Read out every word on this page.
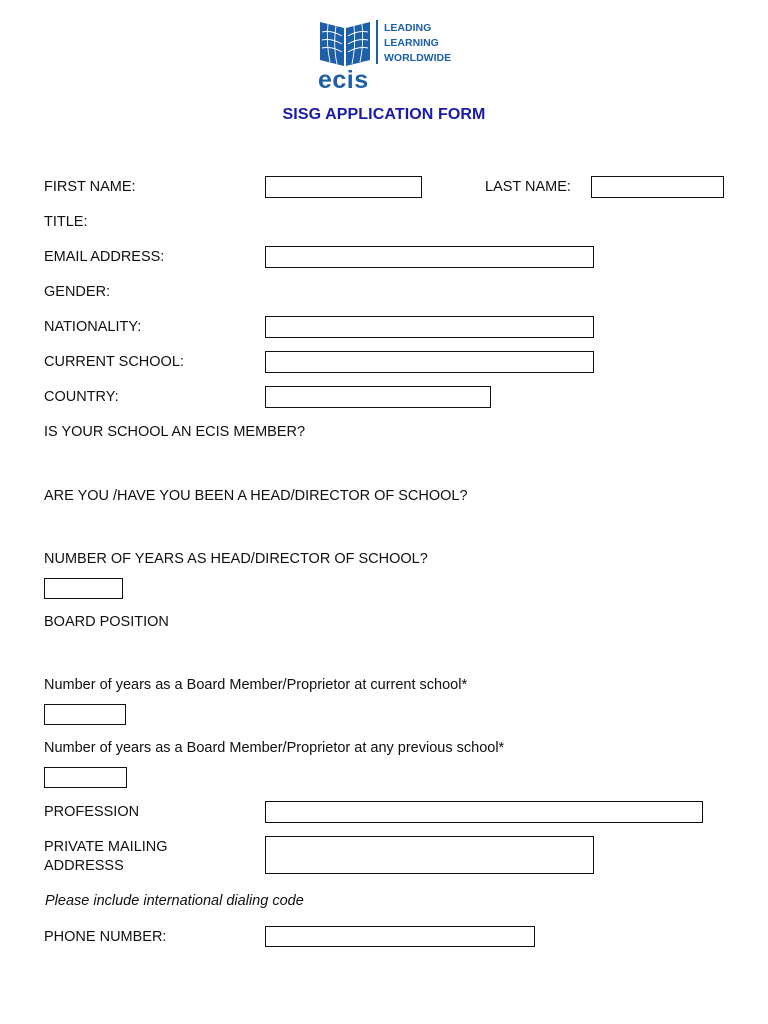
LEADING
LEARNING
WORLDWIDE
ecis
SISG APPLICATION FORM
FIRST NAME:	LAST NAME:
TITLE:
EMAIL ADDRESS:
GENDER:
NATIONALITY:
CURRENT SCHOOL:
COUNTRY:
IS YOUR SCHOOL AN ECIS MEMBER?
ARE YOU /HAVE YOU BEEN A HEAD/DIRECTOR OF SCHOOL?
NUMBER OF YEARS AS HEAD/DIRECTOR OF SCHOOL?
BOARD POSITION
Number of years as a Board Member/Proprietor at current school*
Number of years as a Board Member/Proprietor at any previous school*
PROFESSION
PRIVATE MAILING
ADDRESSS
Please include international dialing code
PHONE NUMBER:
